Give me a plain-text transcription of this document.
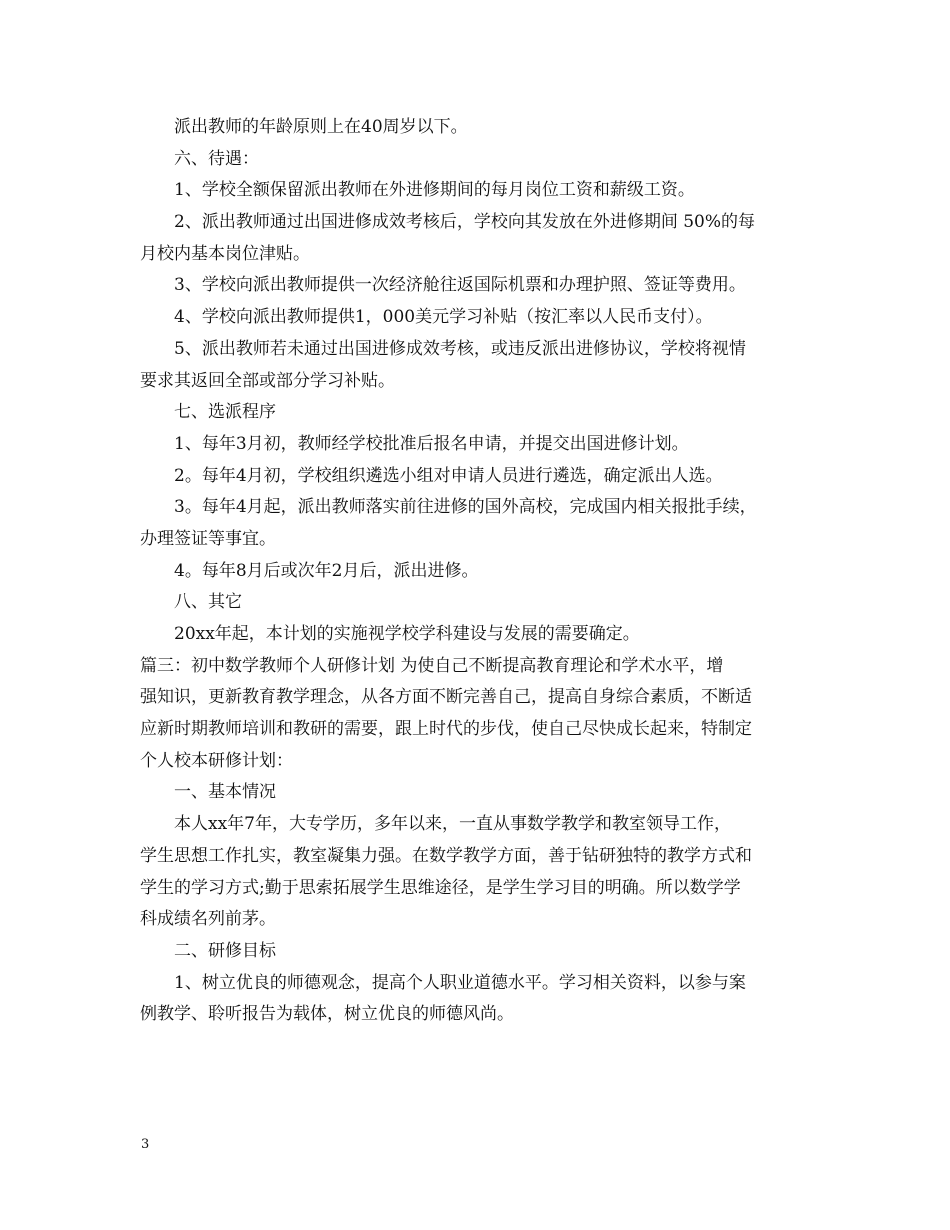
派出教师的年龄原则上在40周岁以下。
六、待遇：
1、学校全额保留派出教师在外进修期间的每月岗位工资和薪级工资。
2、派出教师通过出国进修成效考核后，学校向其发放在外进修期间 50%的每
月校内基本岗位津贴。
3、学校向派出教师提供一次经济舱往返国际机票和办理护照、签证等费用。
4、学校向派出教师提供1，000美元学习补贴（按汇率以人民币支付）。
5、派出教师若未通过出国进修成效考核，或违反派出进修协议，学校将视情
要求其返回全部或部分学习补贴。
七、选派程序
1、每年3月初，教师经学校批准后报名申请，并提交出国进修计划。
2。每年4月初，学校组织遴选小组对申请人员进行遴选，确定派出人选。
3。每年4月起，派出教师落实前往进修的国外高校，完成国内相关报批手续，
办理签证等事宜。
4。每年8月后或次年2月后，派出进修。
八、其它
20xx年起，本计划的实施视学校学科建设与发展的需要确定。
篇三：初中数学教师个人研修计划 为使自己不断提高教育理论和学术水平，增
强知识，更新教育教学理念，从各方面不断完善自己，提高自身综合素质，不断适
应新时期教师培训和教研的需要，跟上时代的步伐，使自己尽快成长起来，特制定
个人校本研修计划：
一、基本情况
本人xx年7年，大专学历，多年以来，一直从事数学教学和教室领导工作，
学生思想工作扎实，教室凝集力强。在数学教学方面，善于钻研独特的教学方式和
学生的学习方式;勤于思索拓展学生思维途径，是学生学习目的明确。所以数学学
科成绩名列前茅。
二、研修目标
1、树立优良的师德观念，提高个人职业道德水平。学习相关资料，以参与案
例教学、聆听报告为载体，树立优良的师德风尚。
3
